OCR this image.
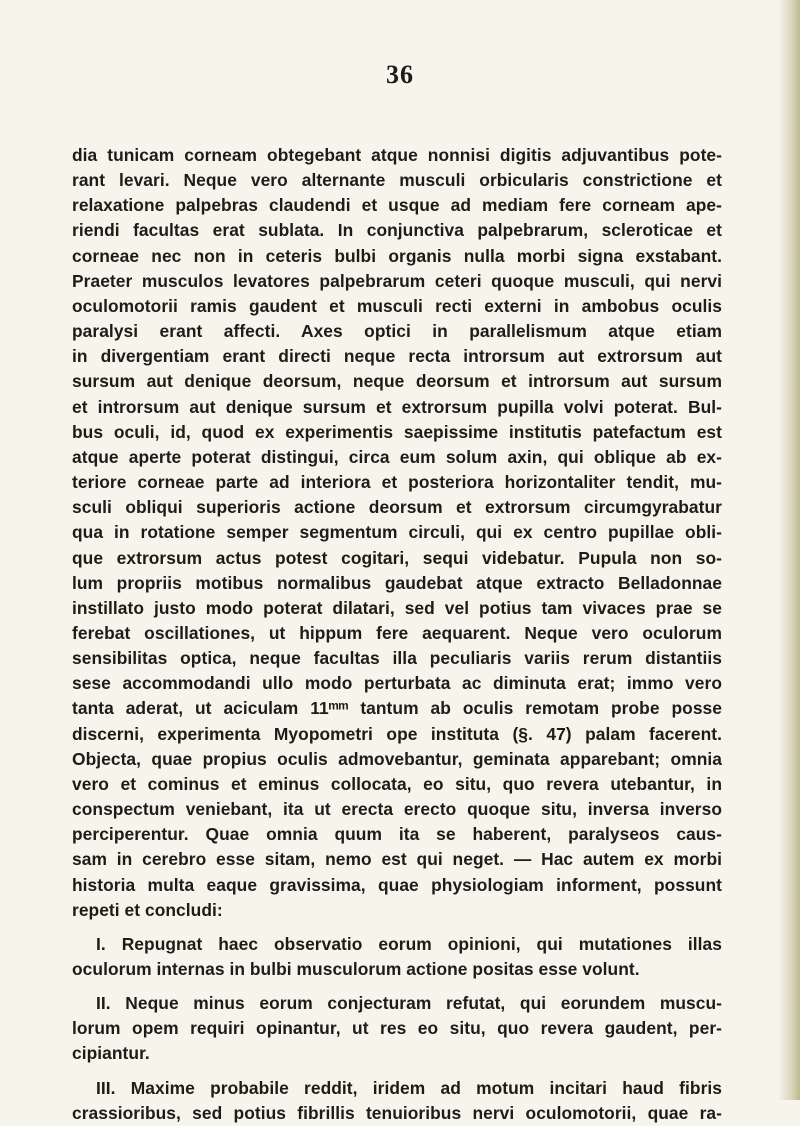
36
dia tunicam corneam obtegebant atque nonnisi digitis adjuvantibus pote-
rant levari. Neque vero alternante musculi orbicularis constrictione et
relaxatione palpebras claudendi et usque ad mediam fere corneam ape-
riendi facultas erat sublata. In conjunctiva palpebrarum, scleroticae et
corneae nec non in ceteris bulbi organis nulla morbi signa exstabant.
Praeter musculos levatores palpebrarum ceteri quoque musculi, qui nervi
oculomotorii ramis gaudent et musculi recti externi in ambobus oculis
paralysi erant affecti. Axes optici in parallelismum atque etiam
in divergentiam erant directi neque recta introrsum aut extrorsum aut
sursum aut denique deorsum, neque deorsum et introrsum aut sursum
et introrsum aut denique sursum et extrorsum pupilla volvi poterat. Bul-
bus oculi, id, quod ex experimentis saepissime institutis patefactum est
atque aperte poterat distingui, circa eum solum axin, qui oblique ab ex-
teriore corneae parte ad interiora et posteriora horizontaliter tendit, mu-
sculi obliqui superioris actione deorsum et extrorsum circumgyrabatur
qua in rotatione semper segmentum circuli, qui ex centro pupillae obli-
que extrorsum actus potest cogitari, sequi videbatur. Pupula non so-
lum propriis motibus normalibus gaudebat atque extracto Belladonnae
instillato justo modo poterat dilatari, sed vel potius tam vivaces prae se
ferebat oscillationes, ut hippum fere aequarent. Neque vero oculorum
sensibilitas optica, neque facultas illa peculiaris variis rerum distantiis
sese accommodandi ullo modo perturbata ac diminuta erat; immo vero
tanta aderat, ut aciculam 11ᵐᵐ tantum ab oculis remotam probe posse
discerni, experimenta Myopometri ope instituta (§. 47) palam facerent.
Objecta, quae propius oculis admovebantur, geminata apparebant; omnia
vero et cominus et eminus collocata, eo situ, quo revera utebantur, in
conspectum veniebant, ita ut erecta erecto quoque situ, inversa inverso
perciperentur. Quae omnia quum ita se haberent, paralyseos caus-
sam in cerebro esse sitam, nemo est qui neget. — Hac autem ex morbi
historia multa eaque gravissima, quae physiologiam informent, possunt
repeti et concludi:
I. Repugnat haec observatio eorum opinioni, qui mutationes illas
oculorum internas in bulbi musculorum actione positas esse volunt.
II. Neque minus eorum conjecturam refutat, qui eorundem muscu-
lorum opem requiri opinantur, ut res eo situ, quo revera gaudent, per-
cipiantur.
III. Maxime probabile reddit, iridem ad motum incitari haud fibris
crassioribus, sed potius fibrillis tenuioribus nervi oculomotorii, quae ra-
